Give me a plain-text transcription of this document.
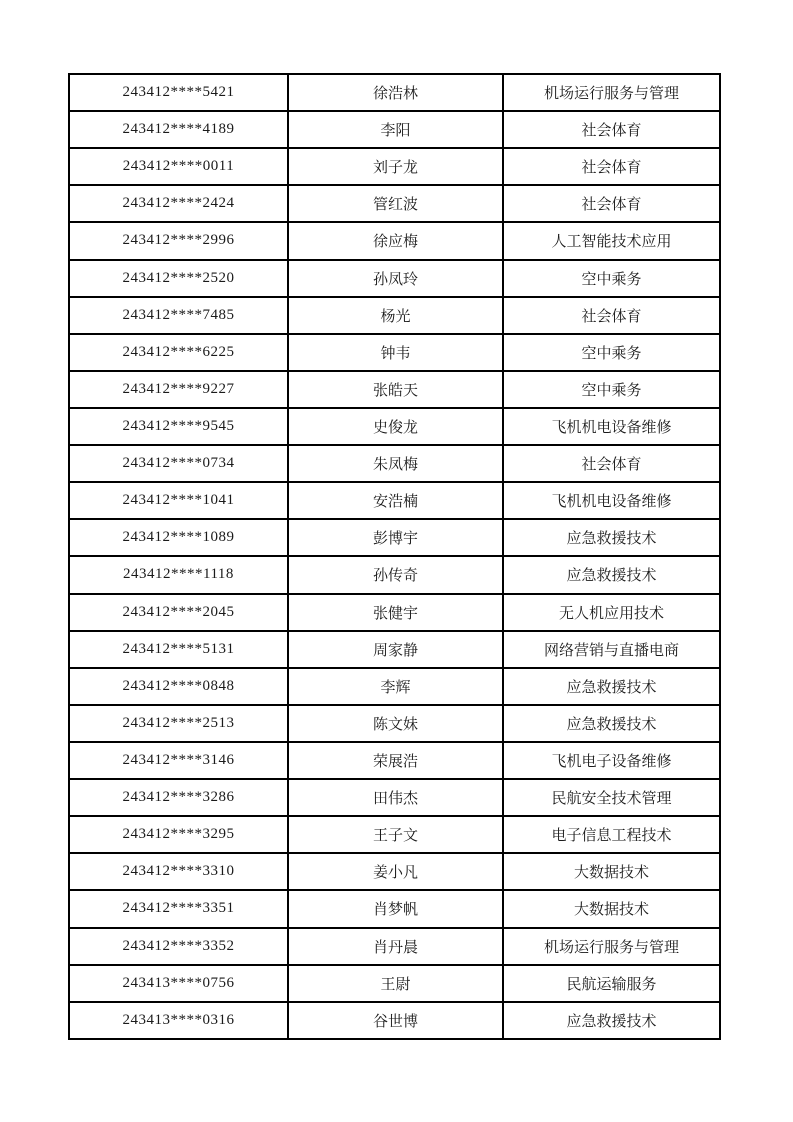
243412****5421	徐浩林	机场运行服务与管理
243412****4189	李阳	社会体育
243412****0011	刘子龙	社会体育
243412****2424	管红波	社会体育
243412****2996	徐应梅	人工智能技术应用
243412****2520	孙凤玲	空中乘务
243412****7485	杨光	社会体育
243412****6225	钟韦	空中乘务
243412****9227	张皓天	空中乘务
243412****9545	史俊龙	飞机机电设备维修
243412****0734	朱凤梅	社会体育
243412****1041	安浩楠	飞机机电设备维修
243412****1089	彭博宇	应急救援技术
243412****1118	孙传奇	应急救援技术
243412****2045	张健宇	无人机应用技术
243412****5131	周家静	网络营销与直播电商
243412****0848	李辉	应急救援技术
243412****2513	陈文妹	应急救援技术
243412****3146	荣展浩	飞机电子设备维修
243412****3286	田伟杰	民航安全技术管理
243412****3295	王子文	电子信息工程技术
243412****3310	姜小凡	大数据技术
243412****3351	肖梦帆	大数据技术
243412****3352	肖丹晨	机场运行服务与管理
243413****0756	王尉	民航运输服务
243413****0316	谷世博	应急救援技术
